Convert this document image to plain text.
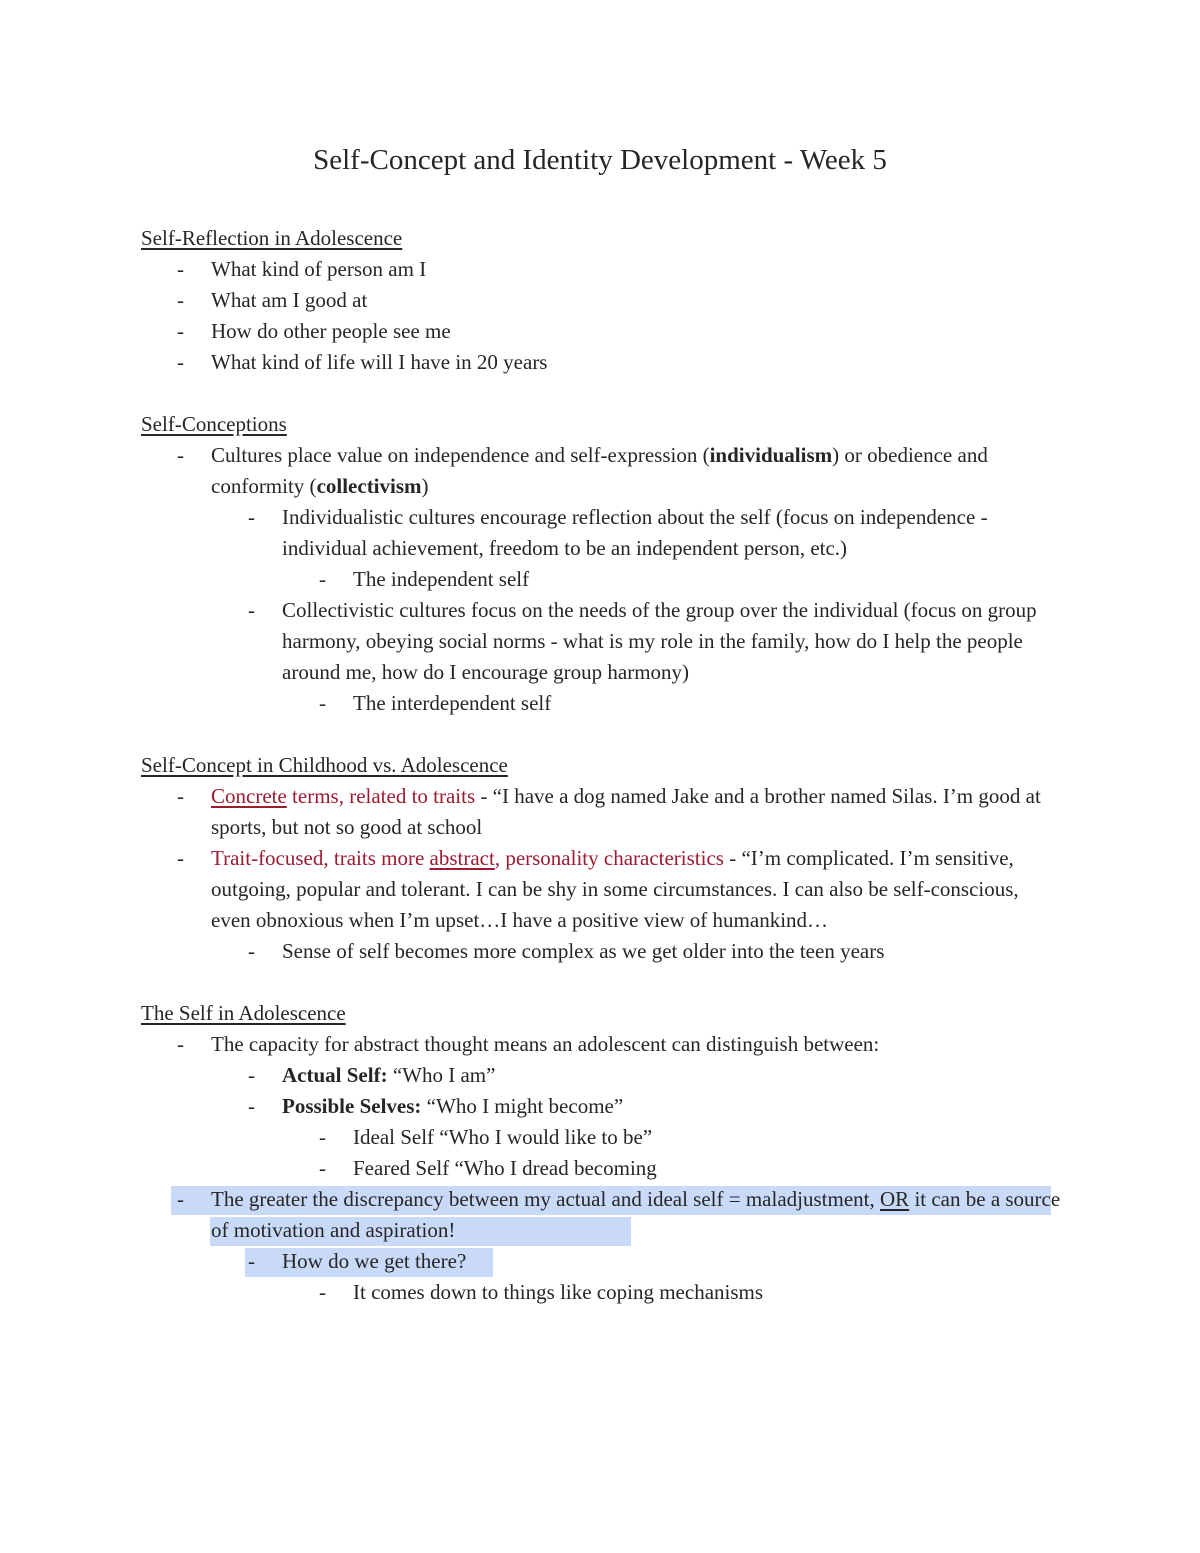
Self-Concept and Identity Development - Week 5

Self-Reflection in Adolescence

- What kind of person am I

- What am I good at

- How do other people see me

- What kind of life will I have in 20 years

Self-Conceptions

- Cultures place value on independence and self-expression (individualism) or obedience and conformity (collectivism)

- Individualistic cultures encourage reflection about the self (focus on independence - individual achievement, freedom to be an independent person, etc.)

- The independent self

- Collectivistic cultures focus on the needs of the group over the individual (focus on group harmony, obeying social norms - what is my role in the family, how do I help the people around me, how do I encourage group harmony)

- The interdependent self

Self-Concept in Childhood vs. Adolescence

- Concrete terms, related to traits - “I have a dog named Jake and a brother named Silas. I’m good at sports, but not so good at school

- Trait-focused, traits more abstract, personality characteristics - “I’m complicated. I’m sensitive, outgoing, popular and tolerant. I can be shy in some circumstances. I can also be self-conscious, even obnoxious when I’m upset…I have a positive view of humankind…

- Sense of self becomes more complex as we get older into the teen years

The Self in Adolescence

- The capacity for abstract thought means an adolescent can distinguish between:

- Actual Self: “Who I am”

- Possible Selves: “Who I might become”

- Ideal Self “Who I would like to be”

- Feared Self “Who I dread becoming

- The greater the discrepancy between my actual and ideal self = maladjustment, OR it can be a source of motivation and aspiration!

- How do we get there?

- It comes down to things like coping mechanisms
